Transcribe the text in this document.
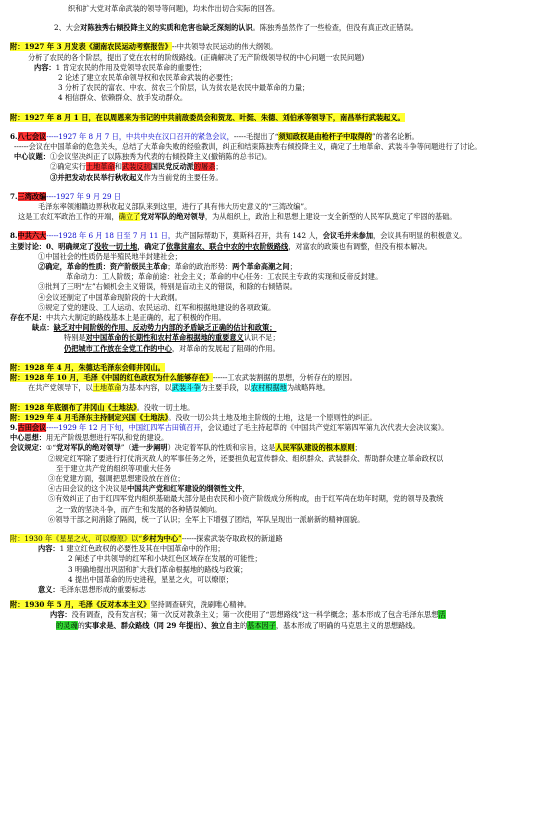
织和扩大党对革命武装的领导等问题)，均未作出切合实际的回答。
2、大会对陈独秀右倾投降主义的实质和危害也缺乏深刻的认识。陈独秀虽然作了一些检查，但没有真正改正错误。
附：1927 年 3 月发表《湖南农民运动考察报告》--中共领导农民运动的伟大纲领。
分析了农民的各个阶层，提出了党在农村的阶级路线。(正确解决了无产阶级领导权的中心问题一农民问题)
内容：1 肯定农民的作用及党领导农民革命的重要性；
2 论述了建立农民革命领导权和农民革命武装的必要性；
3 分析了农民的富农、中农、贫农三个阶层，认为贫农是农民中最革命的力量；
4 相信群众、依赖群众、放手发动群众。
附：1927 年 8 月 1 日，在以周恩来为书记的中共前敌委员会和贺龙、叶挺、朱德、刘伯承等领导下，南昌举行武装起义。
6.八七会议-----1927 年 8 月 7 日，中共中央在汉口召开的紧急会议，-----毛提出了“须知政权是由枪杆子中取得的”的著名论断。
------会议在中国革命的危急关头，总结了大革命失败的经验教训，纠正和结束陈独秀右倾投降主义，确定了土地革命、武装斗争等问题进行了讨论。
中心议题：①会议坚决纠正了以陈独秀为代表的右倾投降主义(撤销陈的总书记)。
②确定实行土地革命和武装反抗国民党反动派的屠杀；
③并把发动农民举行秋收起义作为当前党的主要任务。
7.三湾改编----1927 年 9 月 29 日
毛泽东率领湘赣边界秋收起义部队来到这里，进行了具有伟大历史意义的“三湾改编”。
这是工农红军政治工作的开端，确立了党对军队的绝对领导，为从组织上，政治上和思想上建设一支全新型的人民军队奠定了牢固的基础。
8.中共六大-----1928 年 6 月 18 日至 7 月 11 日，共产国际帮助下，莫斯科召开，共有 142 人，会议毛并未参加，会议具有明显的积极意义。
主要讨论：0、明确规定了没收一切土地，确定了依靠贫雇农、联合中农的中农阶级路线，对富农的政策也有调整，但没有根本解决。
①中国社会的性质仍是半殖民地半封建社会；
②确定，革命的性质：资产阶级民主革命；革命的政治形势：两个革命高潮之间；
革命动力：工人阶级；革命前途：社会主义；革命的中心任务：工农民主专政的实现和反帝反封建。
③批判了三明“左”右倾机会主义错误，特别是盲动主义的错误，和除的右倾错误。
④会议还制定了中国革命现阶段的十大政纲。
⑤规定了党的建设、工人运动、农民运动、红军和根据地建设的各项政策。
存在不足：中共六大制定的路线基本上是正确的，起了积极的作用。
缺点：缺乏对中间阶级的作用、反动势力内部的矛盾缺乏正确的估计和政策；
特别是对中国革命的长期性和农村革命根据地的重要意义认识不足；
仍把城市工作放在全党工作的中心，对革命的发展起了阻碍的作用。
附：1928 年 4 月，朱德达毛泽东会师井冈山。
附：1928 年 10 月，毛泽《中国的红色政权为什么能够存在》------工农武装割据的思想，分析存在的原因。
在共产党领导下，以土地革命为基本内容，以武装斗争为主要手段，以农村根据地为战略阵地。
附：1928 年底颁布了井冈山《土地法》。没收一切土地。
附：1929 年 4 月毛泽东主持制定兴国《土地法》。没收一切公共土地及地主阶级的土地，这是一个原则性的纠正。
9.古田会议-----1929 年 12 月下旬，中国红四军古田镇召开，会议通过了毛主持起草的《中国共产党红军第四军第九次代表大会决议案》。
中心思想：用无产阶级思想进行军队和党的建设。
会议规定：①“党对军队的绝对领导”（进一步阐明）决定着军队的性质和宗旨，这是人民军队建设的根本原则；
②规定红军除了要进行打仗消灭敌人的军事任务之外，还要担负起宣传群众、组织群众、武装群众、帮助群众建立革命政权以
至于建立共产党的组织等项重大任务
③在党建方面，强调把思想建设放在首位；
④古田会议的这个决议是中国共产党和红军建设的纲领性文件，
⑤有效纠正了由于红四军党内组织基础最大部分是由农民和小资产阶级成分所构成，由于红军尚在幼年时期，党的领导及教统
之一致的坚决斗争，而产生和发展的各种错误倾向。
⑥领导干部之间消除了隔阂，统一了认识；全军上下增强了团结，军队呈现出一派崭新的精神面貌。
附：1930 年《星星之火，可以燎原》以“乡村为中心”------探索武装夺取政权的新道路
内容：1 建立红色政权的必要性及其在中国革命中的作用；
2 阐述了中共领导的红军和小块红色区域存在发展的可能性；
3 明确地提出巩固和扩大我们革命根据地的路线与政策；
4 提出中国革命的历史进程，星星之火，可以燎原；
意义：毛泽东思想形成的重要标志
附：1930 年 5 月，毛泽《反对本本主义》坚持调查研究，洗刷唯心精神。
内容：没有调查，没有发言权；第一次反对教条主义；第一次使用了“思想路线”这一科学概念；基本形成了包含毛泽东思想活
的灵魂的实事求是、群众路线（同 29 年提出）、独立自主的基本因子，基本形成了明确的马克思主义的思想路线。
